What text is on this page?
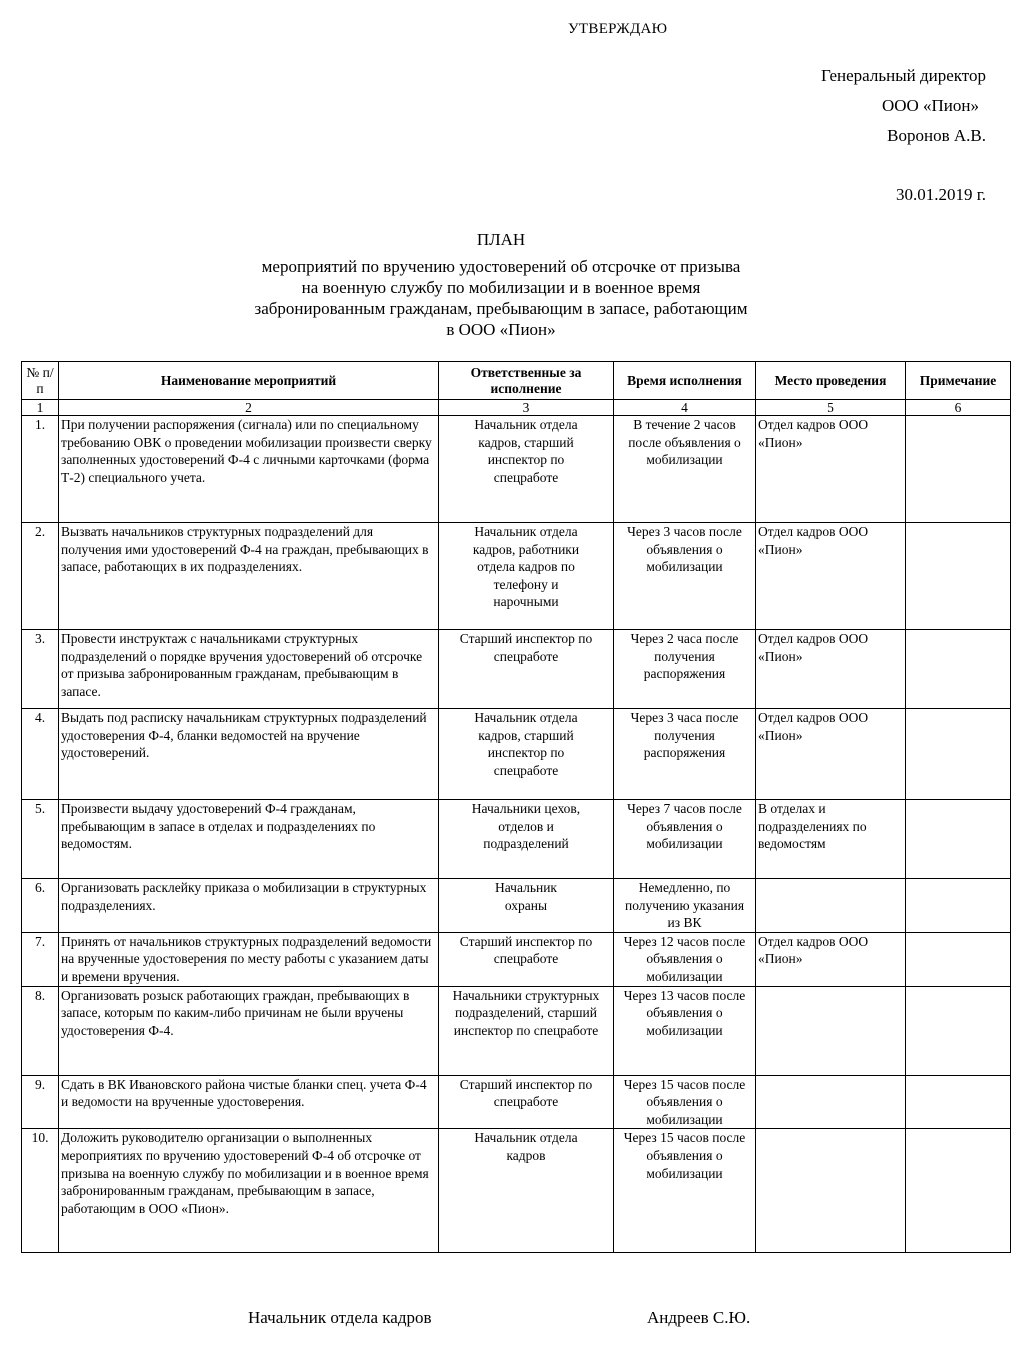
УТВЕРЖДАЮ
Генеральный директор
ООО «Пион»
Воронов А.В.
30.01.2019 г.
ПЛАН
мероприятий по вручению удостоверений об отсрочке от призыва
на военную службу по мобилизации и в военное время
забронированным гражданам, пребывающим в запасе, работающим
в ООО «Пион»
№ п/п	Наименование мероприятий	Ответственные за исполнение	Время исполнения	Место проведения	Примечание
1	2	3	4	5	6
1.	При получении распоряжения (сигнала) или по специальному требованию ОВК о проведении мобилизации произвести сверку заполненных удостоверений Ф-4 с личными карточками (форма Т-2) специального учета.	Начальник отдела кадров, старший инспектор по спецработе	В течение 2 часов после объявления о мобилизации	Отдел кадров ООО «Пион»	
2.	Вызвать начальников структурных подразделений для получения ими удостоверений Ф-4 на граждан, пребывающих в запасе, работающих в их подразделениях.	Начальник отдела кадров, работники отдела кадров по телефону и нарочными	Через 3 часов после объявления о мобилизации	Отдел кадров ООО «Пион»	
3.	Провести инструктаж с начальниками структурных подразделений о порядке вручения удостоверений об отсрочке от призыва забронированным гражданам, пребывающим в запасе.	Старший инспектор по спецработе	Через 2 часа после получения распоряжения	Отдел кадров ООО «Пион»	
4.	Выдать под расписку начальникам структурных подразделений удостоверения Ф-4, бланки ведомостей на вручение удостоверений.	Начальник отдела кадров, старший инспектор по спецработе	Через 3 часа после получения распоряжения	Отдел кадров ООО «Пион»	
5.	Произвести выдачу удостоверений Ф-4 гражданам, пребывающим в запасе в отделах и подразделениях по ведомостям.	Начальники цехов, отделов и подразделений	Через 7 часов после объявления о мобилизации	В отделах и подразделениях по ведомостям	
6.	Организовать расклейку приказа о мобилизации в структурных подразделениях.	Начальник охраны	Немедленно, по получению указания из ВК		
7.	Принять от начальников структурных подразделений ведомости на врученные удостоверения по месту работы с указанием даты и времени вручения.	Старший инспектор по спецработе	Через 12 часов после объявления о мобилизации	Отдел кадров ООО «Пион»	
8.	Организовать розыск работающих граждан, пребывающих в запасе, которым по каким-либо причинам не были вручены удостоверения Ф-4.	Начальники структурных подразделений, старший инспектор по спецработе	Через 13 часов после объявления о мобилизации		
9.	Сдать в ВК Ивановского района чистые бланки спец. учета Ф-4 и ведомости на врученные удостоверения.	Старший инспектор по спецработе	Через 15 часов после объявления о мобилизации		
10.	Доложить руководителю организации о выполненных мероприятиях по вручению удостоверений Ф-4 об отсрочке от призыва на военную службу по мобилизации и в военное время забронированным гражданам, пребывающим в запасе, работающим в ООО «Пион».	Начальник отдела кадров	Через 15 часов после объявления о мобилизации		
Начальник отдела кадров	Андреев С.Ю.
